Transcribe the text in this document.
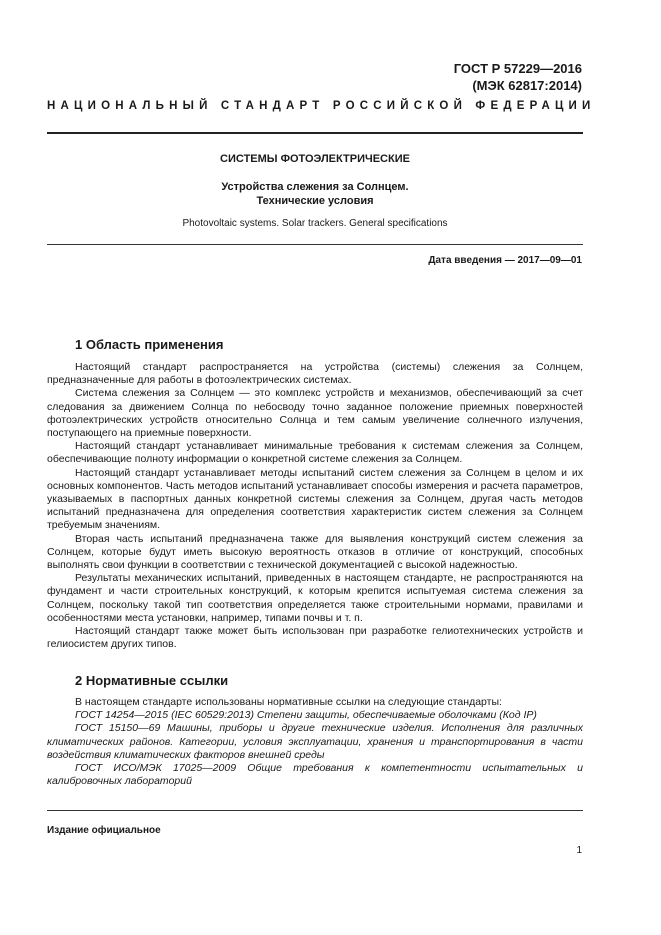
ГОСТ Р 57229—2016
(МЭК 62817:2014)
НАЦИОНАЛЬНЫЙ СТАНДАРТ РОССИЙСКОЙ ФЕДЕРАЦИИ
СИСТЕМЫ ФОТОЭЛЕКТРИЧЕСКИЕ
Устройства слежения за Солнцем.
Технические условия
Photovoltaic systems. Solar trackers. General specifications
Дата введения — 2017—09—01
1 Область применения

Настоящий стандарт распространяется на устройства (системы) слежения за Солнцем, предназначенные для работы в фотоэлектрических системах.

Система слежения за Солнцем — это комплекс устройств и механизмов, обеспечивающий за счет следования за движением Солнца по небосводу точно заданное положение приемных поверхностей фотоэлектрических устройств относительно Солнца и тем самым увеличение солнечного излучения, поступающего на приемные поверхности.

Настоящий стандарт устанавливает минимальные требования к системам слежения за Солнцем, обеспечивающие полноту информации о конкретной системе слежения за Солнцем.

Настоящий стандарт устанавливает методы испытаний систем слежения за Солнцем в целом и их основных компонентов. Часть методов испытаний устанавливает способы измерения и расчета параметров, указываемых в паспортных данных конкретной системы слежения за Солнцем, другая часть методов испытаний предназначена для определения соответствия характеристик систем слежения за Солнцем требуемым значениям.

Вторая часть испытаний предназначена также для выявления конструкций систем слежения за Солнцем, которые будут иметь высокую вероятность отказов в отличие от конструкций, способных выполнять свои функции в соответствии с технической документацией с высокой надежностью.

Результаты механических испытаний, приведенных в настоящем стандарте, не распространяются на фундамент и части строительных конструкций, к которым крепится испытуемая система слежения за Солнцем, поскольку такой тип соответствия определяется также строительными нормами, правилами и особенностями места установки, например, типами почвы и т. п.

Настоящий стандарт также может быть использован при разработке гелиотехнических устройств и гелиосистем других типов.

2 Нормативные ссылки

В настоящем стандарте использованы нормативные ссылки на следующие стандарты:

ГОСТ 14254—2015 (IEC 60529:2013) Степени защиты, обеспечиваемые оболочками (Код IP)

ГОСТ 15150—69 Машины, приборы и другие технические изделия. Исполнения для различных климатических районов. Категории, условия эксплуатации, хранения и транспортирования в части воздействия климатических факторов внешней среды

ГОСТ ИСО/МЭК 17025—2009 Общие требования к компетентности испытательных и калибровочных лабораторий

Издание официальное
1
